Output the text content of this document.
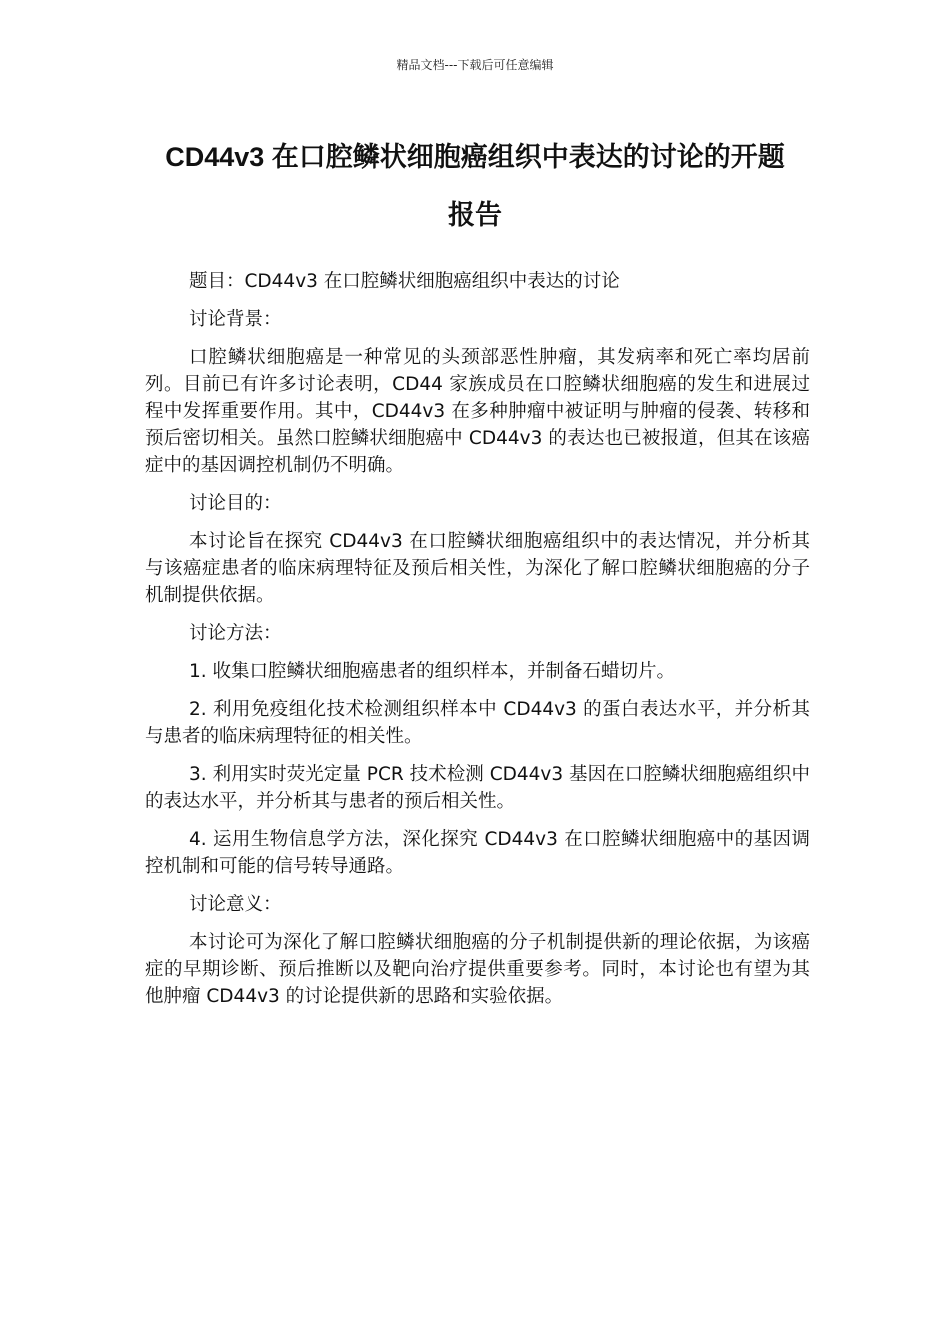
精品文档---下载后可任意编辑
CD44v3 在口腔鳞状细胞癌组织中表达的讨论的开题
报告

题目：CD44v3 在口腔鳞状细胞癌组织中表达的讨论

讨论背景：

口腔鳞状细胞癌是一种常见的头颈部恶性肿瘤，其发病率和死亡率均居前列。目前已有许多讨论表明，CD44 家族成员在口腔鳞状细胞癌的发生和进展过程中发挥重要作用。其中，CD44v3 在多种肿瘤中被证明与肿瘤的侵袭、转移和预后密切相关。虽然口腔鳞状细胞癌中 CD44v3 的表达也已被报道，但其在该癌症中的基因调控机制仍不明确。

讨论目的：

本讨论旨在探究 CD44v3 在口腔鳞状细胞癌组织中的表达情况，并分析其与该癌症患者的临床病理特征及预后相关性，为深化了解口腔鳞状细胞癌的分子机制提供依据。

讨论方法：

1. 收集口腔鳞状细胞癌患者的组织样本，并制备石蜡切片。

2. 利用免疫组化技术检测组织样本中 CD44v3 的蛋白表达水平，并分析其与患者的临床病理特征的相关性。

3. 利用实时荧光定量 PCR 技术检测 CD44v3 基因在口腔鳞状细胞癌组织中的表达水平，并分析其与患者的预后相关性。

4. 运用生物信息学方法，深化探究 CD44v3 在口腔鳞状细胞癌中的基因调控机制和可能的信号转导通路。

讨论意义：

本讨论可为深化了解口腔鳞状细胞癌的分子机制提供新的理论依据，为该癌症的早期诊断、预后推断以及靶向治疗提供重要参考。同时，本讨论也有望为其他肿瘤 CD44v3 的讨论提供新的思路和实验依据。
